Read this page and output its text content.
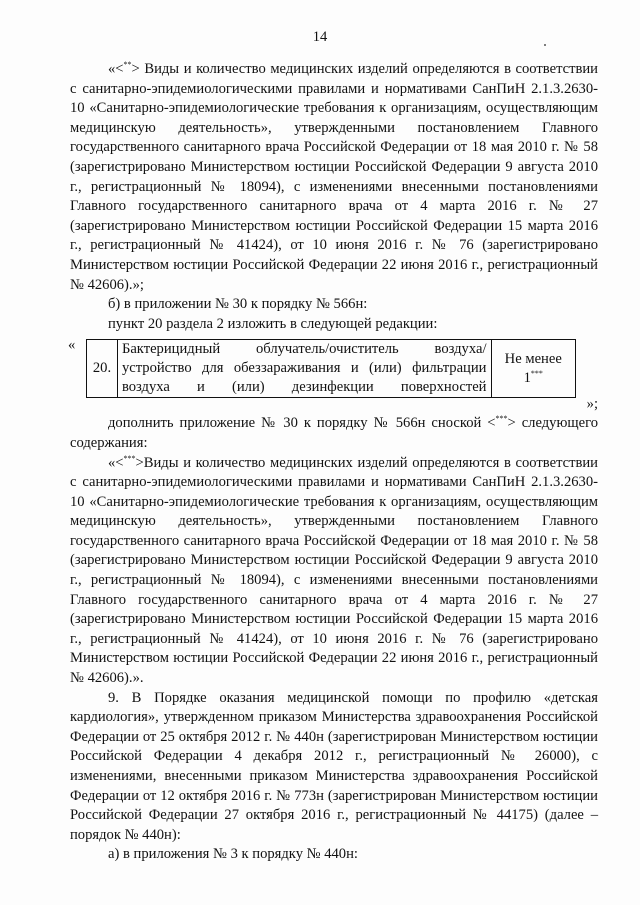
14

«<**> Виды и количество медицинских изделий определяются в соответствии с санитарно-эпидемиологическими правилами и нормативами СанПиН 2.1.3.2630-10 «Санитарно-эпидемиологические требования к организациям, осуществляющим медицинскую деятельность», утвержденными постановлением Главного государственного санитарного врача Российской Федерации от 18 мая 2010 г. № 58 (зарегистрировано Министерством юстиции Российской Федерации 9 августа 2010 г., регистрационный № 18094), с изменениями внесенными постановлениями Главного государственного санитарного врача от 4 марта 2016 г. № 27 (зарегистрировано Министерством юстиции Российской Федерации 15 марта 2016 г., регистрационный № 41424), от 10 июня 2016 г. № 76 (зарегистрировано Министерством юстиции Российской Федерации 22 июня 2016 г., регистрационный № 42606).»;

б) в приложении № 30 к порядку № 566н:

пункт 20 раздела 2 изложить в следующей редакции:

«
20.	Бактерицидный облучатель/очиститель воздуха/устройство для обеззараживания и (или) фильтрации воздуха и (или) дезинфекции поверхностей	Не менее 1***
»;

дополнить приложение № 30 к порядку № 566н сноской <***> следующего содержания:

«<***>Виды и количество медицинских изделий определяются в соответствии с санитарно-эпидемиологическими правилами и нормативами СанПиН 2.1.3.2630-10 «Санитарно-эпидемиологические требования к организациям, осуществляющим медицинскую деятельность», утвержденными постановлением Главного государственного санитарного врача Российской Федерации от 18 мая 2010 г. № 58 (зарегистрировано Министерством юстиции Российской Федерации 9 августа 2010 г., регистрационный № 18094), с изменениями внесенными постановлениями Главного государственного санитарного врача от 4 марта 2016 г. № 27 (зарегистрировано Министерством юстиции Российской Федерации 15 марта 2016 г., регистрационный № 41424), от 10 июня 2016 г. № 76 (зарегистрировано Министерством юстиции Российской Федерации 22 июня 2016 г., регистрационный № 42606).».

9. В Порядке оказания медицинской помощи по профилю «детская кардиология», утвержденном приказом Министерства здравоохранения Российской Федерации от 25 октября 2012 г. № 440н (зарегистрирован Министерством юстиции Российской Федерации 4 декабря 2012 г., регистрационный № 26000), с изменениями, внесенными приказом Министерства здравоохранения Российской Федерации от 12 октября 2016 г. № 773н (зарегистрирован Министерством юстиции Российской Федерации 27 октября 2016 г., регистрационный № 44175) (далее – порядок № 440н):

а) в приложения № 3 к порядку № 440н:
